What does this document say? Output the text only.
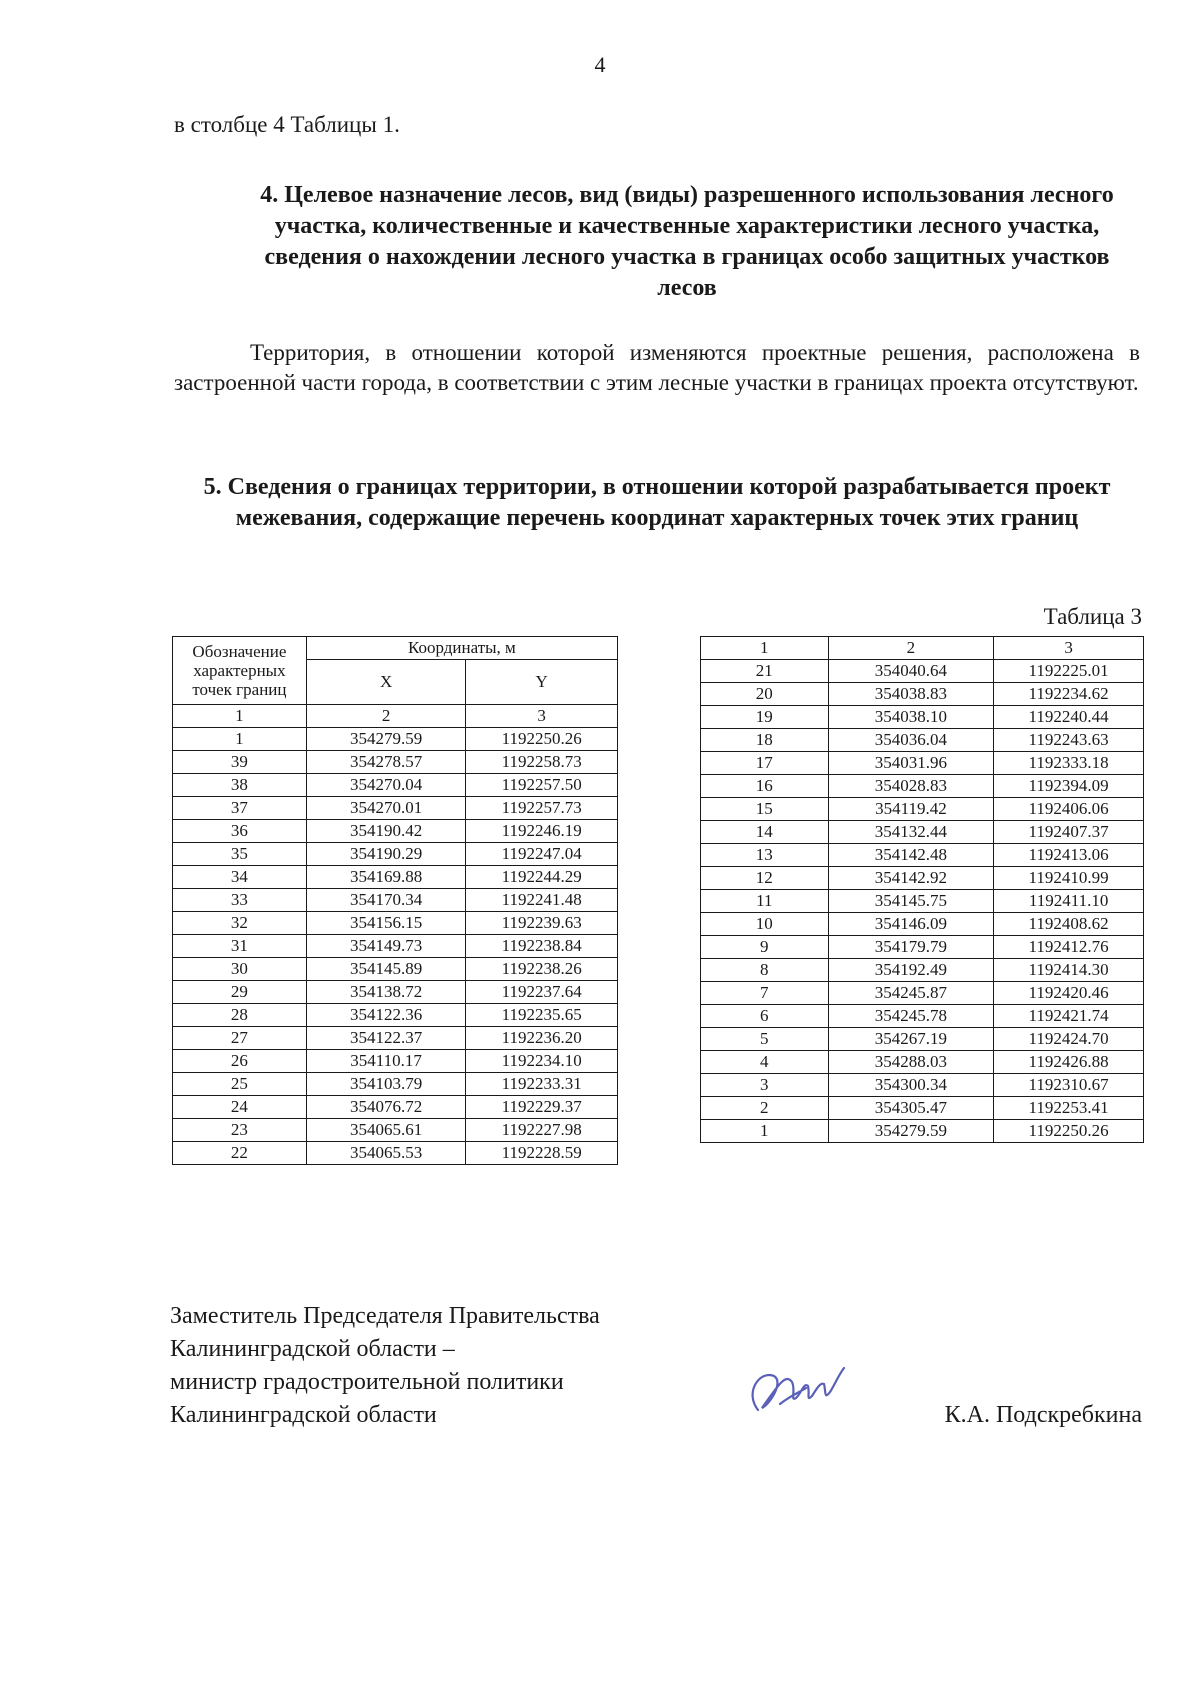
4
в столбце 4 Таблицы 1.
4. Целевое назначение лесов, вид (виды) разрешенного использования лесного участка, количественные и качественные характеристики лесного участка, сведения о нахождении лесного участка в границах особо защитных участков лесов
Территория, в отношении которой изменяются проектные решения, расположена в застроенной части города, в соответствии с этим лесные участки в границах проекта отсутствуют.
5. Сведения о границах территории, в отношении которой разрабатывается проект межевания, содержащие перечень координат характерных точек этих границ
Таблица 3
Обозначение характерных точек границ	Координаты, м	
	X	Y
1	2	3
1	354279.59	1192250.26
39	354278.57	1192258.73
38	354270.04	1192257.50
37	354270.01	1192257.73
36	354190.42	1192246.19
35	354190.29	1192247.04
34	354169.88	1192244.29
33	354170.34	1192241.48
32	354156.15	1192239.63
31	354149.73	1192238.84
30	354145.89	1192238.26
29	354138.72	1192237.64
28	354122.36	1192235.65
27	354122.37	1192236.20
26	354110.17	1192234.10
25	354103.79	1192233.31
24	354076.72	1192229.37
23	354065.61	1192227.98
22	354065.53	1192228.59
1	2	3
21	354040.64	1192225.01
20	354038.83	1192234.62
19	354038.10	1192240.44
18	354036.04	1192243.63
17	354031.96	1192333.18
16	354028.83	1192394.09
15	354119.42	1192406.06
14	354132.44	1192407.37
13	354142.48	1192413.06
12	354142.92	1192410.99
11	354145.75	1192411.10
10	354146.09	1192408.62
9	354179.79	1192412.76
8	354192.49	1192414.30
7	354245.87	1192420.46
6	354245.78	1192421.74
5	354267.19	1192424.70
4	354288.03	1192426.88
3	354300.34	1192310.67
2	354305.47	1192253.41
1	354279.59	1192250.26
Заместитель Председателя Правительства
Калининградской области –
министр градостроительной политики
Калининградской области	К.А. Подскребкина
